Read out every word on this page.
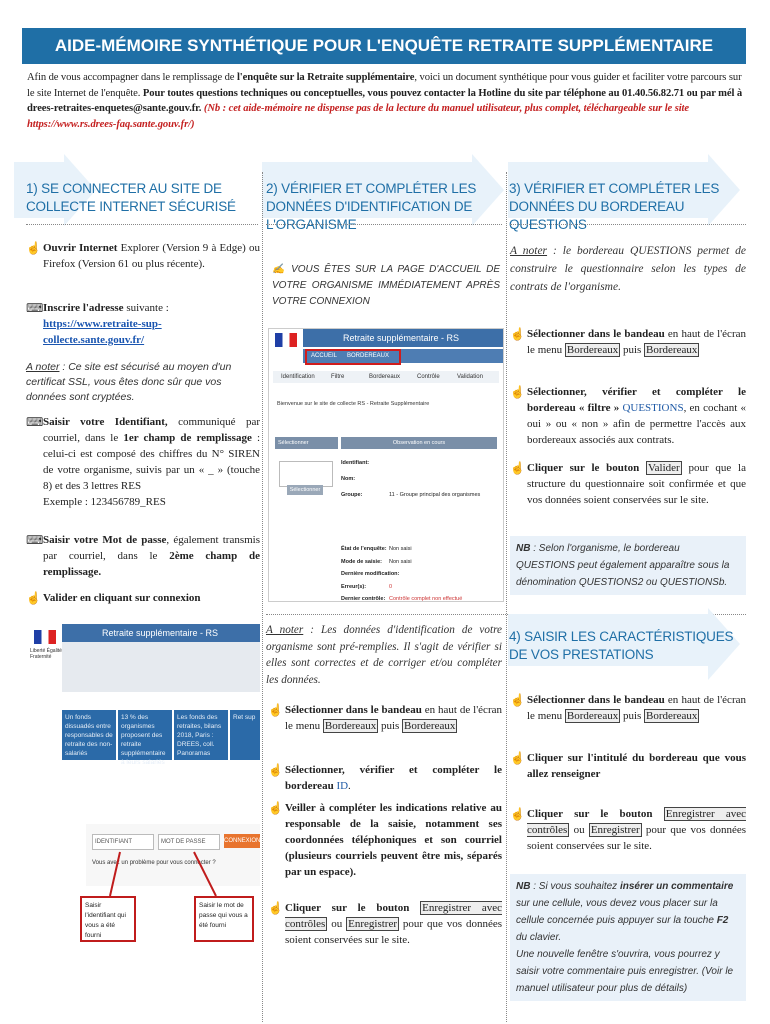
AIDE-MÉMOIRE SYNTHÉTIQUE POUR L'ENQUÊTE RETRAITE SUPPLÉMENTAIRE
Afin de vous accompagner dans le remplissage de l'enquête sur la Retraite supplémentaire, voici un document synthétique pour vous guider et faciliter votre parcours sur le site Internet de l'enquête. Pour toutes questions techniques ou conceptuelles, vous pouvez contacter la Hotline du site par téléphone au 01.40.56.82.71 ou par mél à drees-retraites-enquetes@sante.gouv.fr. (Nb : cet aide-mémoire ne dispense pas de la lecture du manuel utilisateur, plus complet, téléchargeable sur le site https://www.rs.drees-faq.sante.gouv.fr/)
1) SE CONNECTER AU SITE DE COLLECTE INTERNET SÉCURISÉ
2) VÉRIFIER ET COMPLÉTER LES DONNÉES D'IDENTIFICATION DE L'ORGANISME
3) VÉRIFIER ET COMPLÉTER LES DONNÉES DU BORDEREAU QUESTIONS
☝ Ouvrir Internet Explorer (Version 9 à Edge) ou Firefox (Version 61 ou plus récente).
⌨ Inscrire l'adresse suivante :
https://www.retraite-sup-collecte.sante.gouv.fr/
A noter : Ce site est sécurisé au moyen d'un certificat SSL, vous êtes donc sûr que vos données sont cryptées.
⌨ Saisir votre Identifiant, communiqué par courriel, dans le 1er champ de remplissage : celui-ci est composé des chiffres du N° SIREN de votre organisme, suivis par un « _ » (touche 8) et des 3 lettres RES
Exemple : 123456789_RES
⌨ Saisir votre Mot de passe, également transmis par courriel, dans le 2ème champ de remplissage.
☝ Valider en cliquant sur connexion
Retraite supplémentaire - RS
Liberté Égalité Fraternité
Un fonds dissuadés entre responsables de retraite des non-salariés
13 % des organismes proposent des retraite supplémentaire à leurs salariés
Les fonds des retraites, bilans 2018, Paris : DREES, coll. Panoramas
Ret sup
IDENTIFIANT	MOT DE PASSE	CONNEXION
Vous avez un problème pour vous connecter ?
Saisir l'identifiant qui vous a été fourni
Saisir le mot de passe qui vous a été fourni
✍ VOUS ÊTES SUR LA PAGE D'ACCUEIL DE VOTRE ORGANISME IMMÉDIATEMENT APRÈS VOTRE CONNEXION
Retraite supplémentaire - RS
ACCUEIL BORDEREAUX
Identification	Filtre	Bordereaux	Contrôle	Validation
Bienvenue sur le site de collecte RS - Retraite Supplémentaire
Sélectionner Observation
Sélectionner
Observation en cours
Identifiant:
Nom:
Groupe:	11 - Groupe principal des organismes
État de l'enquête: Non saisi
Mode de saisie: Non saisi
Dernière modification:
Erreur(s):	0
Dernier contrôle: Contrôle complet non effectué
A noter : Les données d'identification de votre organisme sont pré-remplies. Il s'agit de vérifier si elles sont correctes et de corriger et/ou compléter les données.
☝ Sélectionner dans le bandeau en haut de l'écran le menu Bordereaux puis Bordereaux
☝ Sélectionner, vérifier et compléter le bordereau ID.
☝ Veiller à compléter les indications relative au responsable de la saisie, notamment ses coordonnées téléphoniques et son courriel (plusieurs courriels peuvent être mis, séparés par un espace).
☝ Cliquer sur le bouton Enregistrer avec contrôles ou Enregistrer pour que vos données soient conservées sur le site.
A noter : le bordereau QUESTIONS permet de construire le questionnaire selon les types de contrats de l'organisme.
☝ Sélectionner dans le bandeau en haut de l'écran le menu Bordereaux puis Bordereaux
☝ Sélectionner, vérifier et compléter le bordereau « filtre » QUESTIONS, en cochant « oui » ou « non » afin de permettre l'accès aux bordereaux associés aux contrats.
☝ Cliquer sur le bouton Valider pour que la structure du questionnaire soit confirmée et que vos données soient conservées sur le site.
NB : Selon l'organisme, le bordereau QUESTIONS peut également apparaître sous la dénomination QUESTIONS2 ou QUESTIONSb.
4) SAISIR LES CARACTÉRISTIQUES DE VOS PRESTATIONS
☝ Sélectionner dans le bandeau en haut de l'écran le menu Bordereaux puis Bordereaux
☝ Cliquer sur l'intitulé du bordereau que vous allez renseigner
☝ Cliquer sur le bouton Enregistrer avec contrôles ou Enregistrer pour que vos données soient conservées sur le site.
NB : Si vous souhaitez insérer un commentaire sur une cellule, vous devez vous placer sur la cellule concernée puis appuyer sur la touche F2 du clavier.
Une nouvelle fenêtre s'ouvrira, vous pourrez y saisir votre commentaire puis enregistrer. (Voir le manuel utilisateur pour plus de détails)
